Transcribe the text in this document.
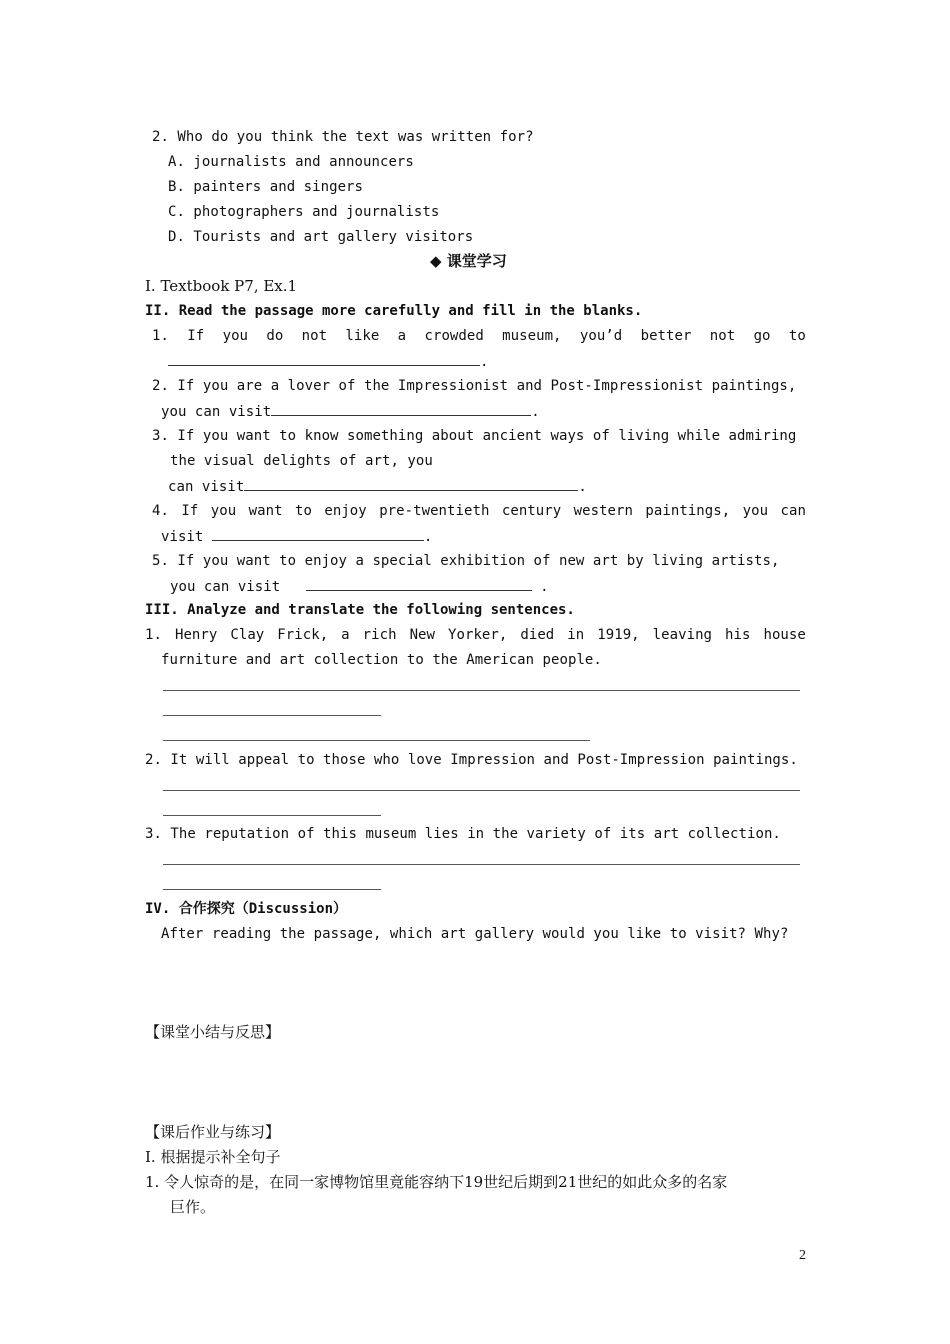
2. Who do you think the text was written for?
A. journalists and announcers
B. painters and singers
C. photographers and journalists
D. Tourists and art gallery visitors
◆ 课堂学习
I. Textbook P7, Ex.1
II. Read the passage more carefully and fill in the blanks.
1. If you do not like a crowded museum, you’d better not go to
.
2. If you are a lover of the Impressionist and Post-Impressionist paintings,
you can visit	.
3. If you want to know something about ancient ways of living while admiring
the visual delights of art, you
can visit	.
4. If you want to enjoy pre-twentieth century western paintings, you can
visit	.
5. If you want to enjoy a special exhibition of new art by living artists,
you can visit	.
III. Analyze and translate the following sentences.
1. Henry Clay Frick, a rich New Yorker, died in 1919, leaving his house
furniture and art collection to the American people.
2. It will appeal to those who love Impression and Post-Impression paintings.
3. The reputation of this museum lies in the variety of its art collection.
IV. 合作探究（Discussion）
After reading the passage, which art gallery would you like to visit? Why?
【课堂小结与反思】
【课后作业与练习】
I. 根据提示补全句子
1. 令人惊奇的是，在同一家博物馆里竟能容纳下19世纪后期到21世纪的如此众多的名家
巨作。
2
